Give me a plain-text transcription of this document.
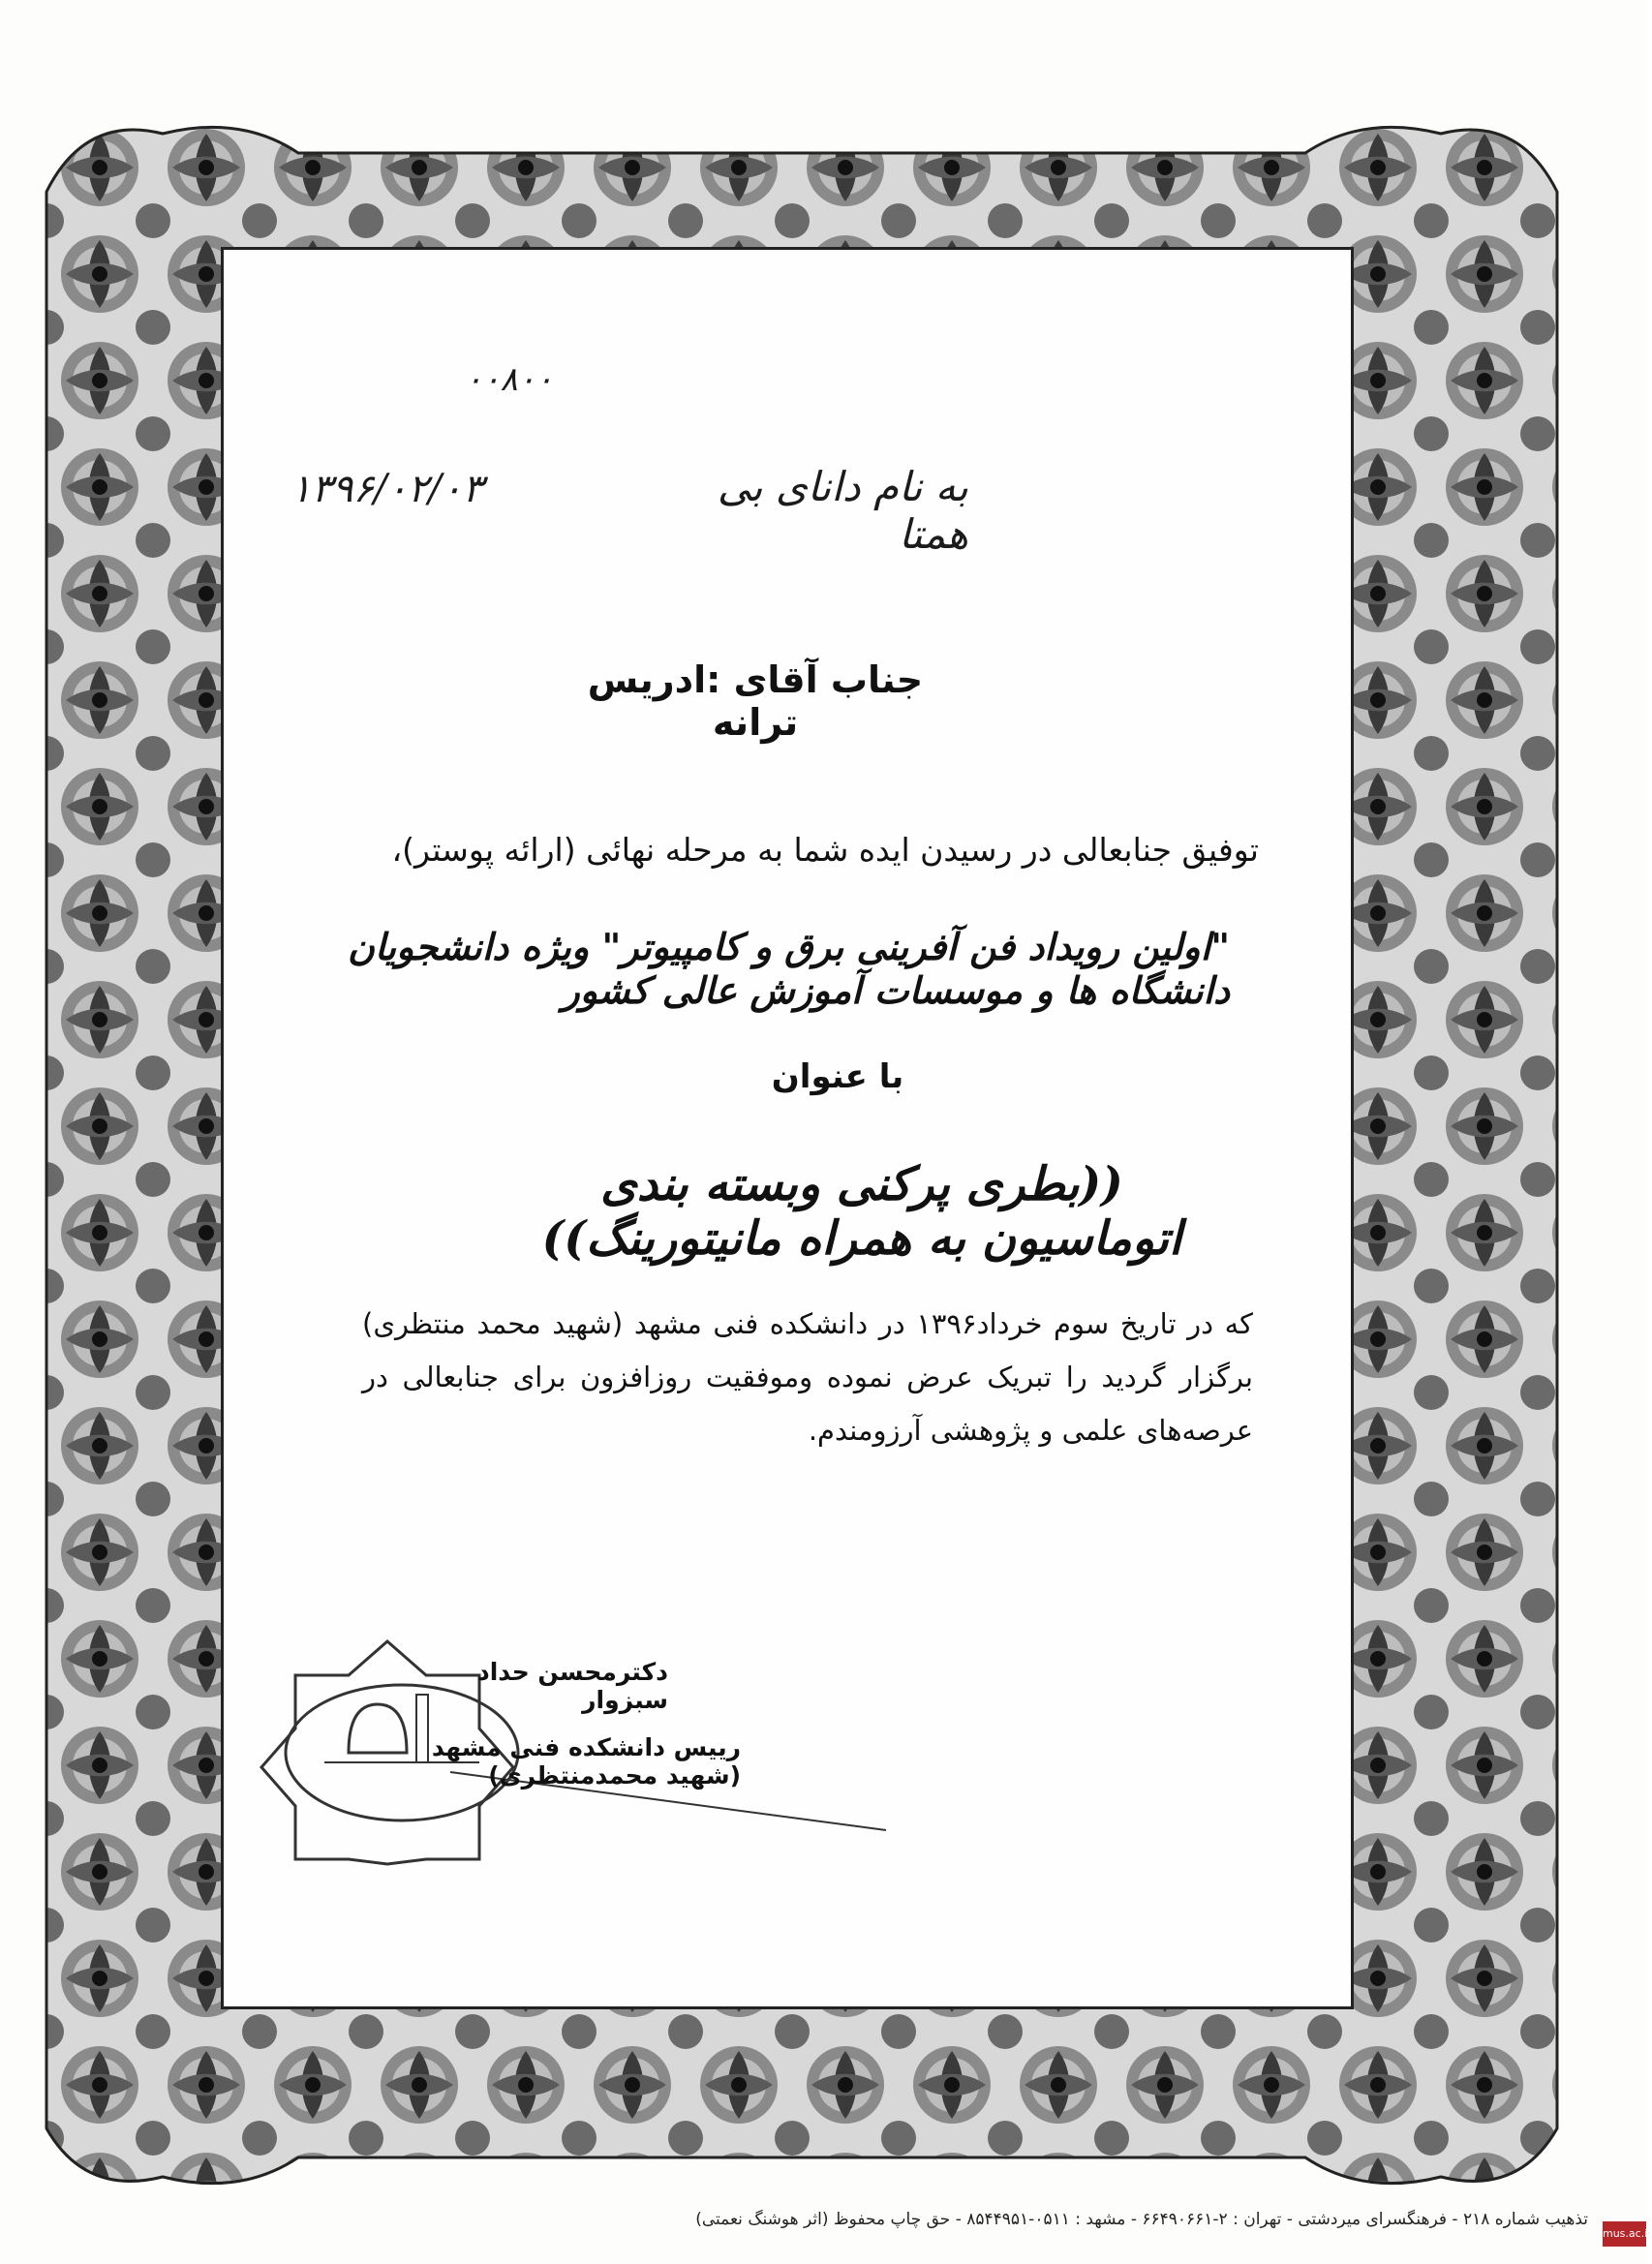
۰۰۸۰۰
۱۳۹۶/۰۲/۰۳	به نام دانای بی همتا
جناب آقای :ادریس ترانه
توفیق جنابعالی در رسیدن ایده شما به مرحله نهائی (ارائه پوستر)،
"اولین رویداد فن آفرینی برق و کامپیوتر" ویژه دانشجویان دانشگاه ها و موسسات آموزش عالی کشور
با عنوان
((بطری پرکنی وبسته بندی اتوماسیون به همراه مانیتورینگ))
که در تاریخ سوم خرداد۱۳۹۶ در دانشکده فنی مشهد (شهید محمد منتظری) برگزار گردید را تبریک عرض نموده وموفقیت روزافزون برای جنابعالی در عرصه‌های علمی و پژوهشی آرزومندم.
دکترمحسن حداد سبزوار
رییس دانشکده فنی مشهد (شهید محمدمنتظری)
تذهیب شماره ۲۱۸ - فرهنگسرای میردشتی - تهران : ۲-۶۶۴۹۰۶۶۱ - مشهد : ۰۵۱۱-۸۵۴۴۹۵۱ - حق چاپ محفوظ (اثر هوشنگ نعمتی)
mus.ac.ir
